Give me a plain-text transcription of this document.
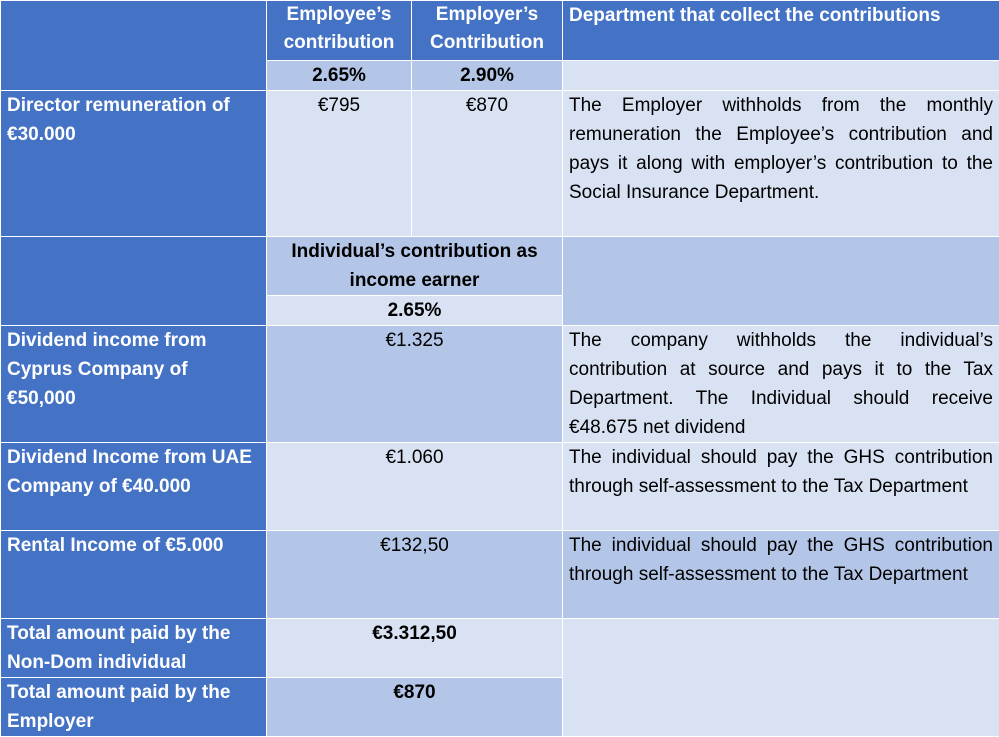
	Employee’s contribution	Employer’s Contribution	Department that collect the contributions
	2.65%	2.90%	
Director remuneration of €30.000	€795	€870	The Employer withholds from the monthly remuneration the Employee’s contribution and pays it along with employer’s contribution to the Social Insurance Department.
	Individual’s contribution as income earner		
	2.65%		
Dividend income from Cyprus Company of €50,000	€1.325		The company withholds the individual’s contribution at source and pays it to the Tax Department. The Individual should receive €48.675 net dividend
Dividend Income from UAE Company of €40.000	€1.060		The individual should pay the GHS contribution through self-assessment to the Tax Department
Rental Income of €5.000	€132,50		The individual should pay the GHS contribution through self-assessment to the Tax Department
Total amount paid by the Non-Dom individual	€3.312,50		
Total amount paid by the Employer	€870		
